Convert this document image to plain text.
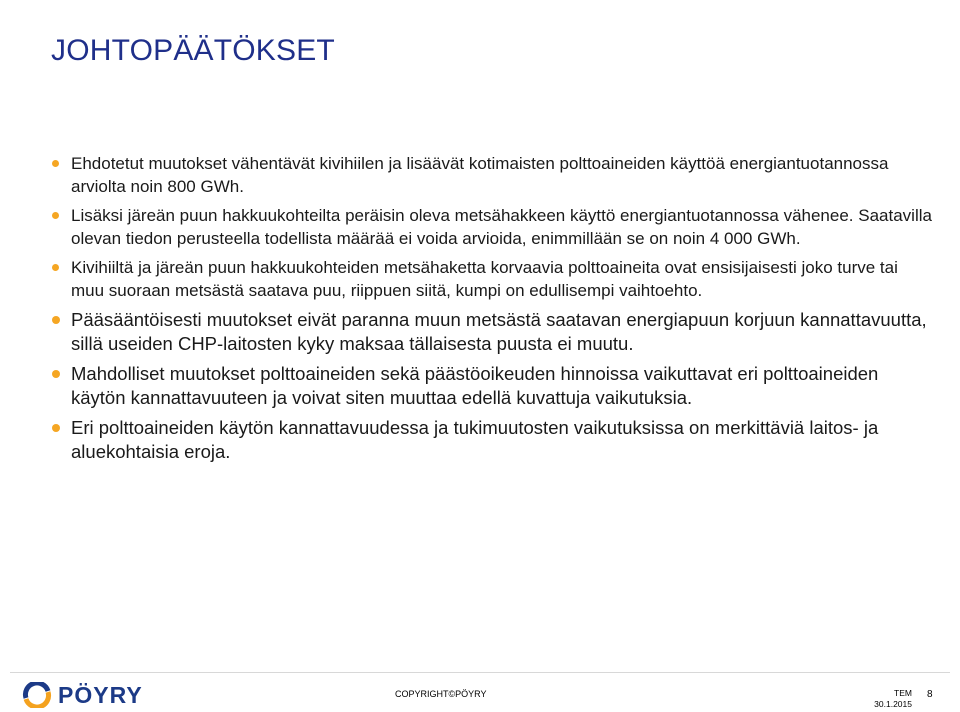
JOHTOPÄÄTÖKSET
Ehdotetut muutokset vähentävät kivihiilen ja lisäävät kotimaisten polttoaineiden käyttöä energiantuotannossa arviolta noin 800 GWh.
Lisäksi järeän puun hakkuukohteilta peräisin oleva metsähakkeen käyttö energiantuotannossa vähenee. Saatavilla olevan tiedon perusteella todellista määrää ei voida arvioida, enimmillään se on noin 4 000 GWh.
Kivihiiltä ja järeän puun hakkuukohteiden metsähaketta korvaavia polttoaineita ovat ensisijaisesti joko turve tai muu suoraan metsästä saatava puu, riippuen siitä, kumpi on edullisempi vaihtoehto.
Pääsääntöisesti muutokset eivät paranna muun metsästä saatavan energiapuun korjuun kannattavuutta, sillä useiden CHP-laitosten kyky maksaa tällaisesta puusta ei muutu.
Mahdolliset muutokset polttoaineiden sekä päästöoikeuden hinnoissa vaikuttavat eri polttoaineiden käytön kannattavuuteen ja voivat siten muuttaa edellä kuvattuja vaikutuksia.
Eri polttoaineiden käytön kannattavuudessa ja tukimuutosten vaikutuksissa on merkittäviä laitos- ja aluekohtaisia eroja.
PÖYRY	COPYRIGHT©PÖYRY	TEM
30.1.2015
8
